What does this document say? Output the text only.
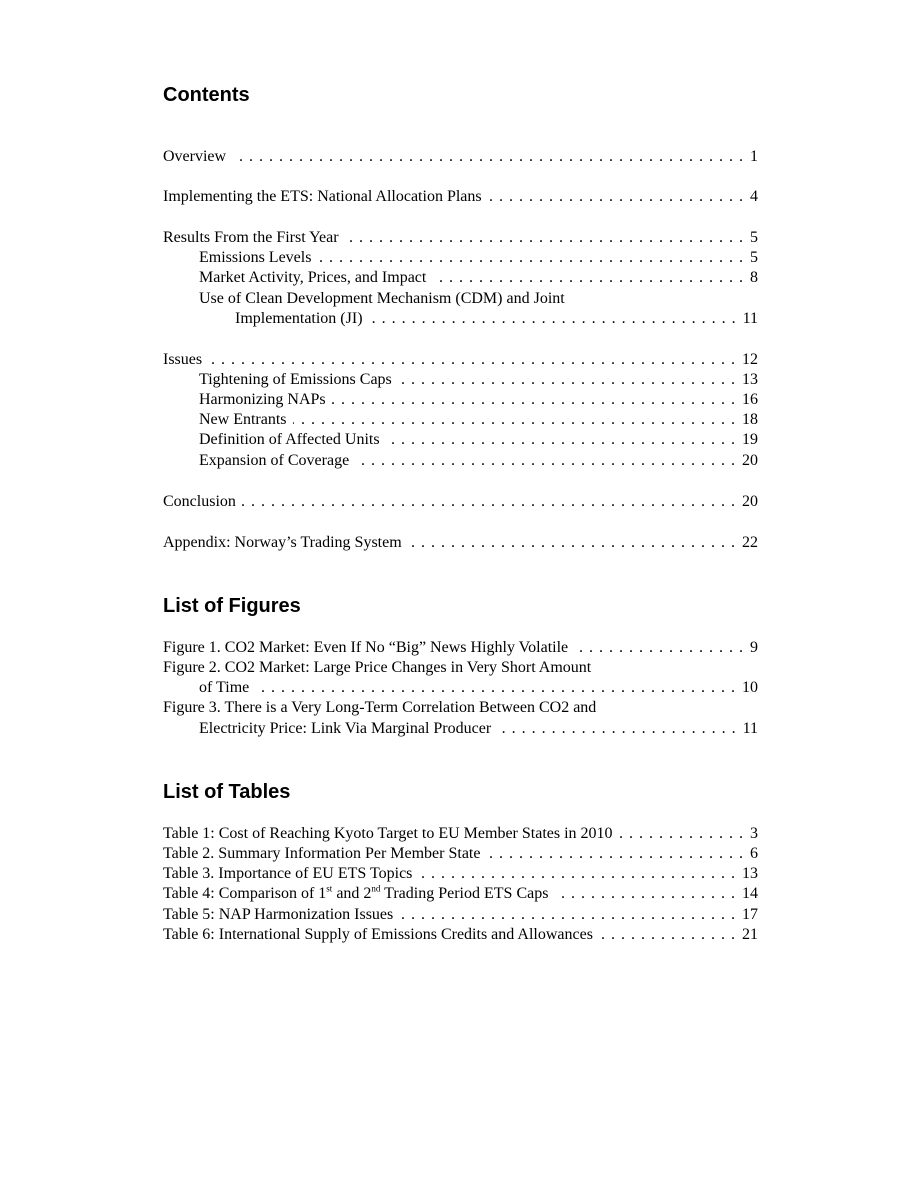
Contents
Overview . . .	1
Implementing the ETS: National Allocation Plans . . .	4
Results From the First Year . . .	5
Emissions Levels . . .	5
Market Activity, Prices, and Impact . . .	8
Use of Clean Development Mechanism (CDM) and Joint
Implementation (JI) . . .	11
Issues . . .	12
Tightening of Emissions Caps . . .	13
Harmonizing NAPs . . .	16
New Entrants . . .	18
Definition of Affected Units . . .	19
Expansion of Coverage . . .	20
Conclusion . . .	20
Appendix: Norway’s Trading System . . .	22
List of Figures
Figure 1. CO2 Market: Even If No “Big” News Highly Volatile . . .	9
Figure 2. CO2 Market: Large Price Changes in Very Short Amount
of Time . . .	10
Figure 3. There is a Very Long-Term Correlation Between CO2 and
Electricity Price: Link Via Marginal Producer . . .	11
List of Tables
Table 1: Cost of Reaching Kyoto Target to EU Member States in 2010 . . .	3
Table 2. Summary Information Per Member State . . .	6
Table 3. Importance of EU ETS Topics . . .	13
Table 4: Comparison of 1st and 2nd Trading Period ETS Caps . . .	14
Table 5: NAP Harmonization Issues . . .	17
Table 6: International Supply of Emissions Credits and Allowances . . .	21
